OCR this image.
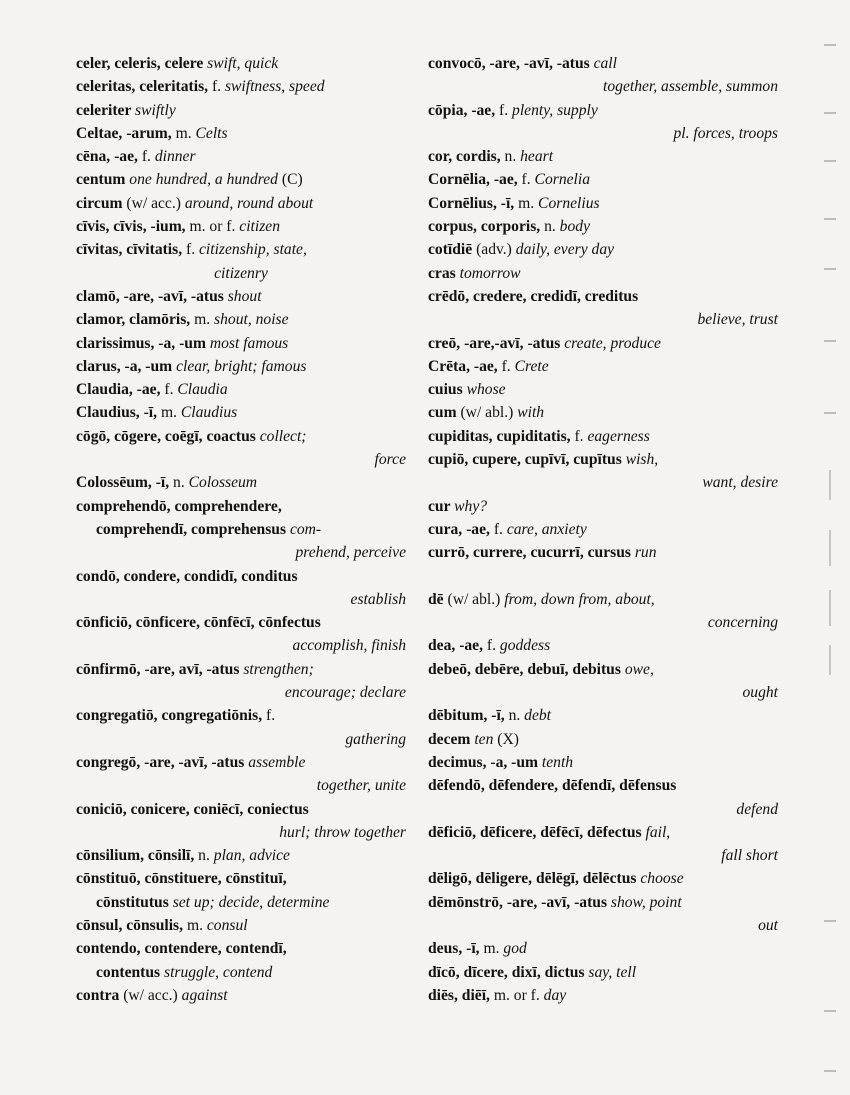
celer, celeris, celere swift, quick
celeritas, celeritatis, f. swiftness, speed
celeriter swiftly
Celtae, -arum, m. Celts
cēna, -ae, f. dinner
centum one hundred, a hundred (C)
circum (w/ acc.) around, round about
cīvis, cīvis, -ium, m. or f. citizen
cīvitas, cīvitatis, f. citizenship, state,
citizenry
clamō, -are, -avī, -atus shout
clamor, clamōris, m. shout, noise
clarissimus, -a, -um most famous
clarus, -a, -um clear, bright; famous
Claudia, -ae, f. Claudia
Claudius, -ī, m. Claudius
cōgō, cōgere, coēgī, coactus collect;
force
Colossēum, -ī, n. Colosseum
comprehendō, comprehendere,
comprehendī, comprehensus com-
prehend, perceive
condō, condere, condidī, conditus
establish
cōnficiō, cōnficere, cōnfēcī, cōnfectus
accomplish, finish
cōnfirmō, -are, avī, -atus strengthen;
encourage; declare
congregatiō, congregatiōnis, f.
gathering
congregō, -are, -avī, -atus assemble
together, unite
coniciō, conicere, coniēcī, coniectus
hurl; throw together
cōnsilium, cōnsilī, n. plan, advice
cōnstituō, cōnstituere, cōnstituī,
cōnstitutus set up; decide, determine
cōnsul, cōnsulis, m. consul
contendo, contendere, contendī,
contentus struggle, contend
contra (w/ acc.) against
convocō, -are, -avī, -atus call
together, assemble, summon
cōpia, -ae, f. plenty, supply
pl. forces, troops
cor, cordis, n. heart
Cornēlia, -ae, f. Cornelia
Cornēlius, -ī, m. Cornelius
corpus, corporis, n. body
cotīdiē (adv.) daily, every day
cras tomorrow
crēdō, credere, credidī, creditus
believe, trust
creō, -are,-avī, -atus create, produce
Crēta, -ae, f. Crete
cuius whose
cum (w/ abl.) with
cupiditas, cupiditatis, f. eagerness
cupiō, cupere, cupīvī, cupītus wish,
want, desire
cur why?
cura, -ae, f. care, anxiety
currō, currere, cucurrī, cursus run
dē (w/ abl.) from, down from, about,
concerning
dea, -ae, f. goddess
debeō, debēre, debuī, debitus owe,
ought
dēbitum, -ī, n. debt
decem ten (X)
decimus, -a, -um tenth
dēfendō, dēfendere, dēfendī, dēfensus
defend
dēficiō, dēficere, dēfēcī, dēfectus fail,
fall short
dēligō, dēligere, dēlēgī, dēlēctus choose
dēmōnstrō, -are, -avī, -atus show, point
out
deus, -ī, m. god
dīcō, dīcere, dixī, dictus say, tell
diēs, diēī, m. or f. day
